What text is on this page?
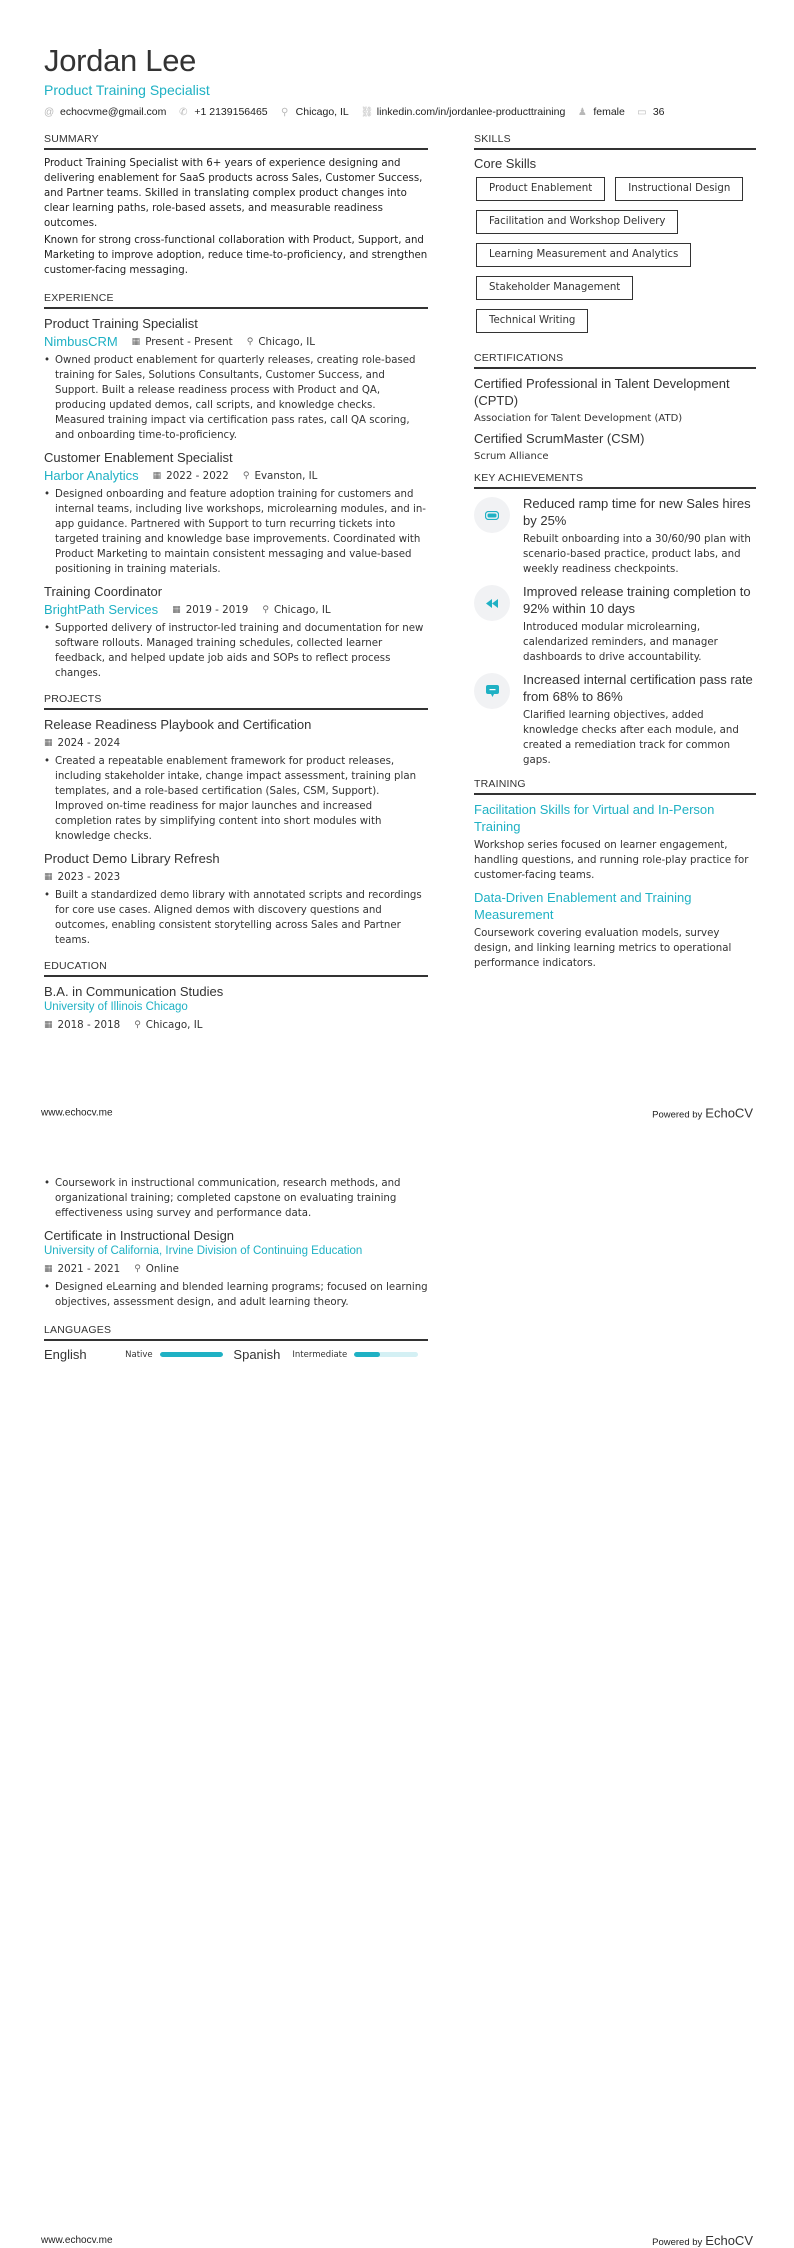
Jordan Lee
Product Training Specialist
@ echocvme@gmail.com ✆ +1 2139156465 ⚲ Chicago, IL ⛓ linkedin.com/in/jordanlee-producttraining ♟ female ▭ 36
SUMMARY

Product Training Specialist with 6+ years of experience designing and delivering enablement for SaaS products across Sales, Customer Success, and Partner teams. Skilled in translating complex product changes into clear learning paths, role-based assets, and measurable readiness outcomes.

Known for strong cross-functional collaboration with Product, Support, and Marketing to improve adoption, reduce time-to-proficiency, and strengthen customer-facing messaging.

EXPERIENCE
Product Training Specialist
NimbusCRM ▦ Present - Present ⚲ Chicago, IL
• Owned product enablement for quarterly releases, creating role-based training for Sales, Solutions Consultants, Customer Success, and Support. Built a release readiness process with Product and QA, producing updated demos, call scripts, and knowledge checks. Measured training impact via certification pass rates, call QA scoring, and onboarding time-to-proficiency.
Customer Enablement Specialist
Harbor Analytics ▦ 2022 - 2022 ⚲ Evanston, IL
• Designed onboarding and feature adoption training for customers and internal teams, including live workshops, microlearning modules, and in-app guidance. Partnered with Support to turn recurring tickets into targeted training and knowledge base improvements. Coordinated with Product Marketing to maintain consistent messaging and value-based positioning in training materials.
Training Coordinator
BrightPath Services ▦ 2019 - 2019 ⚲ Chicago, IL
• Supported delivery of instructor-led training and documentation for new software rollouts. Managed training schedules, collected learner feedback, and helped update job aids and SOPs to reflect process changes.
PROJECTS
Release Readiness Playbook and Certification
▦ 2024 - 2024
• Created a repeatable enablement framework for product releases, including stakeholder intake, change impact assessment, training plan templates, and a role-based certification (Sales, CSM, Support). Improved on-time readiness for major launches and increased completion rates by simplifying content into short modules with knowledge checks.
Product Demo Library Refresh
▦ 2023 - 2023
• Built a standardized demo library with annotated scripts and recordings for core use cases. Aligned demos with discovery questions and outcomes, enabling consistent storytelling across Sales and Partner teams.
EDUCATION
B.A. in Communication Studies
University of Illinois Chicago
▦ 2018 - 2018 ⚲ Chicago, IL
SKILLS
Core Skills
Product Enablement	Instructional Design
Facilitation and Workshop Delivery
Learning Measurement and Analytics
Stakeholder Management
Technical Writing
CERTIFICATIONS
Certified Professional in Talent Development (CPTD)
Association for Talent Development (ATD)
Certified ScrumMaster (CSM)
Scrum Alliance
KEY ACHIEVEMENTS
Reduced ramp time for new Sales hires by 25%
Rebuilt onboarding into a 30/60/90 plan with scenario-based practice, product labs, and weekly readiness checkpoints.
Improved release training completion to 92% within 10 days
Introduced modular microlearning, calendarized reminders, and manager dashboards to drive accountability.
Increased internal certification pass rate from 68% to 86%
Clarified learning objectives, added knowledge checks after each module, and created a remediation track for common gaps.
TRAINING
Facilitation Skills for Virtual and In-Person Training
Workshop series focused on learner engagement, handling questions, and running role-play practice for customer-facing teams.
Data-Driven Enablement and Training Measurement
Coursework covering evaluation models, survey design, and linking learning metrics to operational performance indicators.
www.echocv.me	Powered by EchoCV
• Coursework in instructional communication, research methods, and organizational training; completed capstone on evaluating training effectiveness using survey and performance data.
Certificate in Instructional Design
University of California, Irvine Division of Continuing Education
▦ 2021 - 2021 ⚲ Online
• Designed eLearning and blended learning programs; focused on learning objectives, assessment design, and adult learning theory.
LANGUAGES
English	Native	Spanish Intermediate
www.echocv.me	Powered by EchoCV
